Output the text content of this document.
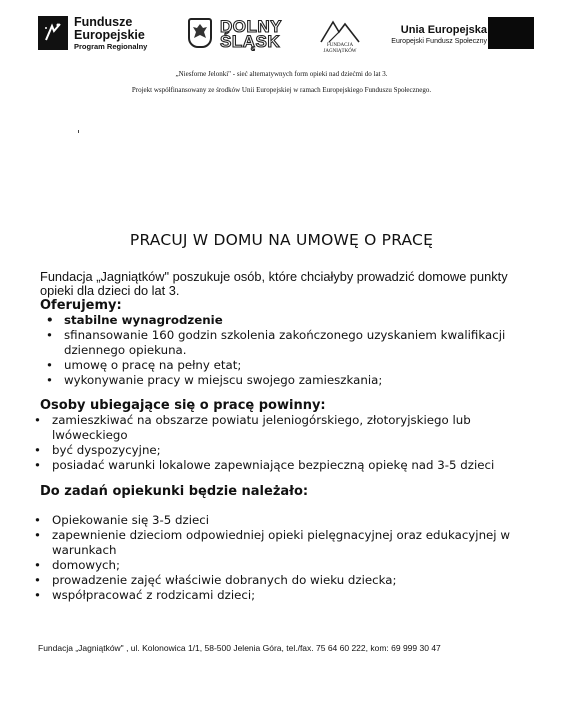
Fundusze
Europejskie
Program Regionalny
DOLNY
ŚLĄSK	FUNDACJA
JAGNIĄTKÓW
Unia Europejska
Europejski Fundusz Społeczny
„Niesforne Jelonki" - sieć alternatywnych form opieki nad dziećmi do lat 3.
Projekt współfinansowany ze środków Unii Europejskiej w ramach Europejskiego Funduszu Społecznego.
PRACUJ W DOMU NA UMOWĘ O PRACĘ
Fundacja „Jagniątków" poszukuje osób, które chciałyby prowadzić domowe punkty opieki dla dzieci do lat 3.
Oferujemy:
• stabilne wynagrodzenie
• sfinansowanie 160 godzin szkolenia zakończonego uzyskaniem kwalifikacji dziennego opiekuna.
• umowę o pracę na pełny etat;
• wykonywanie pracy w miejscu swojego zamieszkania;
Osoby ubiegające się o pracę powinny:
• zamieszkiwać na obszarze powiatu jeleniogórskiego, złotoryjskiego lub lwóweckiego
• być dyspozycyjne;
• posiadać warunki lokalowe zapewniające bezpieczną opiekę nad 3-5 dzieci
Do zadań opiekunki będzie należało:
• Opiekowanie się 3-5 dzieci
• zapewnienie dzieciom odpowiedniej opieki pielęgnacyjnej oraz edukacyjnej w warunkach
• domowych;
• prowadzenie zajęć właściwie dobranych do wieku dziecka;
• współpracować z rodzicami dzieci;
Fundacja „Jagniątków" , ul. Kolonowica 1/1, 58-500 Jelenia Góra, tel./fax. 75 64 60 222, kom: 69 999 30 47
